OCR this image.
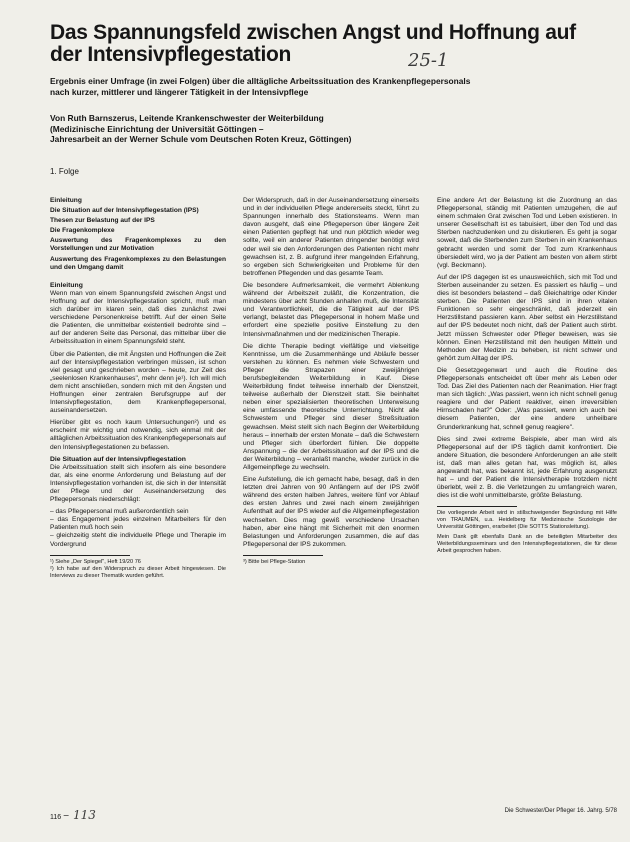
Das Spannungsfeld zwischen Angst und Hoffnung auf der Intensivpflegestation	25-1
Ergebnis einer Umfrage (in zwei Folgen) über die alltägliche Arbeitssituation des Krankenpflegepersonals
nach kurzer, mittlerer und längerer Tätigkeit in der Intensivpflege
Von Ruth Barnszerus, Leitende Krankenschwester der Weiterbildung
(Medizinische Einrichtung der Universität Göttingen –
Jahresarbeit an der Werner Schule vom Deutschen Roten Kreuz, Göttingen)
1. Folge
Einleitung
Die Situation auf der Intensivpflegestation (IPS)
Thesen zur Belastung auf der IPS
Die Fragenkomplexe
Auswertung des Fragenkomplexes zu den Vorstellungen und zur Motivation
Auswertung des Fragenkomplexes zu den Belastungen und den Umgang damit
Einleitung

Wenn man von einem Spannungsfeld zwischen Angst und Hoffnung auf der Intensivpflegestation spricht, muß man sich darüber im klaren sein, daß dies zunächst zwei verschiedene Personenkreise betrifft. Auf der einen Seite die Patienten, die unmittelbar existentiell bedrohte sind – auf der anderen Seite das Personal, das mittelbar über die Arbeitssituation in einem Spannungsfeld steht.

Über die Patienten, die mit Ängsten und Hoffnungen die Zeit auf der Intensivpflegestation verbringen müssen, ist schon viel gesagt und geschrieben worden – heute, zur Zeit des „seelenlosen Krankenhauses", mehr denn je¹). Ich will mich dem nicht anschließen, sondern mich mit den Ängsten und Hoffnungen einer zentralen Berufsgruppe auf der Intensivpflegestation, dem Krankenpflegepersonal, auseinandersetzen.

Hierüber gibt es noch kaum Untersuchungen²) und es erscheint mir wichtig und notwendig, sich einmal mit der alltäglichen Arbeitssituation des Krankenpflegepersonals auf den Intensivpflegestationen zu befassen.

Die Situation auf der Intensivpflegestation

Die Arbeitssituation stellt sich insofern als eine besondere dar, als eine enorme Anforderung und Belastung auf der Intensivpflegestation vorhanden ist, die sich in der Intensität der Pflege und der Auseinandersetzung des Pflegepersonals niederschlägt:

– das Pflegepersonal muß außerordentlich sein
– das Engagement jedes einzelnen Mitarbeiters für den Patienten muß hoch sein
– gleichzeitig steht die individuelle Pflege und Therapie im Vordergrund
¹) Siehe „Der Spiegel", Heft 19/20 76
²) Ich habe auf den Widerspruch zu dieser Arbeit hingewiesen. Die Interviews zu dieser Thematik wurden geführt.

Der Widerspruch, daß in der Auseinandersetzung einerseits und in der individuellen Pflege andererseits steckt, führt zu Spannungen innerhalb des Stationsteams. Wenn man davon ausgeht, daß eine Pflegeperson über längere Zeit einen Patienten gepflegt hat und nun plötzlich wieder weg sollte, weil ein anderer Patienten dringender benötigt wird oder weil sie den Anforderungen des Patienten nicht mehr gewachsen ist, z. B. aufgrund ihrer mangelnden Erfahrung, so ergeben sich Schwierigkeiten und Probleme für den betroffenen Pflegenden und das gesamte Team.

Die besondere Aufmerksamkeit, die vermehrt Ablenkung während der Arbeitszeit zuläßt, die Konzentration, die mindestens über acht Stunden anhalten muß, die Intensität und Verantwortlichkeit, die die Tätigkeit auf der IPS verlangt, belastet das Pflegepersonal in hohem Maße und erfordert eine spezielle positive Einstellung zu den Intensivmaßnahmen und der medizinischen Therapie.

Die dichte Therapie bedingt vielfältige und vielseitige Kenntnisse, um die Zusammenhänge und Abläufe besser verstehen zu können. Es nehmen viele Schwestern und Pfleger die Strapazen einer zweijährigen berufsbegleitenden Weiterbildung in Kauf. Diese Weiterbildung findet teilweise innerhalb der Dienstzeit, teilweise außerhalb der Dienstzeit statt. Sie beinhaltet neben einer spezialisierten theoretischen Unterweisung eine umfassende theoretische Unterrichtung. Nicht alle Schwestern und Pfleger sind dieser Streßsituation gewachsen. Meist stellt sich nach Beginn der Weiterbildung heraus – innerhalb der ersten Monate – daß die Schwestern und Pfleger sich überfordert fühlen. Die doppelte Anspannung – die der Arbeitssituation auf der IPS und die der Weiterbildung – veranlaßt manche, wieder zurück in die Allgemeinpflege zu wechseln.

Eine Aufstellung, die ich gemacht habe, besagt, daß in den letzten drei Jahren von 90 Anfängern auf der IPS zwölf während des ersten halben Jahres, weitere fünf vor Ablauf des ersten Jahres und zwei nach einem zweijährigen Aufenthalt auf der IPS wieder auf die Allgemeinpflegestation wechselten. Dies mag gewiß verschiedene Ursachen haben, aber eine hängt mit Sicherheit mit den enormen Belastungen und Anforderungen zusammen, die auf das Pflegepersonal der IPS zukommen.

³) Bitte bei Pflege-Station

Eine andere Art der Belastung ist die Zuordnung an das Pflegepersonal, ständig mit Patienten umzugehen, die auf einem schmalen Grat zwischen Tod und Leben existieren. In unserer Gesellschaft ist es tabuisiert, über den Tod und das Sterben nachzudenken und zu diskutieren. Es geht ja sogar soweit, daß die Sterbenden zum Sterben in ein Krankenhaus gebracht werden und somit der Tod zum Krankenhaus übersiedelt wird, wo ja der Patient am besten von allem stirbt (vgl. Beckmann).

Auf der IPS dagegen ist es unausweichlich, sich mit Tod und Sterben auseinander zu setzen. Es passiert es häufig – und dies ist besonders belastend – daß Gleichaltrige oder Kinder sterben. Die Patienten der IPS sind in ihren vitalen Funktionen so sehr eingeschränkt, daß jederzeit ein Herzstillstand passieren kann. Aber selbst ein Herzstillstand auf der IPS bedeutet noch nicht, daß der Patient auch stirbt. Jetzt müssen Schwester oder Pfleger beweisen, was sie können. Einen Herzstillstand mit den heutigen Mitteln und Methoden der Medizin zu beheben, ist nicht schwer und gehört zum Alltag der IPS.

Die Gesetzgegenwart und auch die Routine des Pflegepersonals entscheidet oft über mehr als Leben oder Tod. Das Ziel des Patienten nach der Reanimation. Hier fragt man sich täglich: „Was passiert, wenn ich nicht schnell genug reagiere und der Patient reaktiver, einen irreversiblen Hirnschaden hat?" Oder: „Was passiert, wenn ich auch bei diesem Patienten, der eine andere unheilbare Grunderkrankung hat, schnell genug reagiere".

Dies sind zwei extreme Beispiele, aber man wird als Pflegepersonal auf der IPS täglich damit konfrontiert. Die andere Situation, die besondere Anforderungen an alle stellt ist, daß man alles getan hat, was möglich ist, alles angewandt hat, was bekannt ist, jede Erfahrung ausgenutzt hat – und der Patient die Intensivtherapie trotzdem nicht überlebt, weil z. B. die Verletzungen zu umfangreich waren, dies ist die wohl unmittelbarste, größte Belastung.

Die vorliegende Arbeit wird in stillschweigender Begründung mit Hilfe von TRAUMEN, u.a. Heidelberg für Medizinische Soziologie der Universität Göttingen, erarbeitet (Die SOTTS Stationsleitung).
Mein Dank gilt ebenfalls Dank an die beteiligten Mitarbeiter des Weiterbildungsseminars und den Intensivpflegestationen, die für diese Arbeit gesprochen haben.
116 – 113	Die Schwester/Der Pfleger 16. Jahrg. 5/78
